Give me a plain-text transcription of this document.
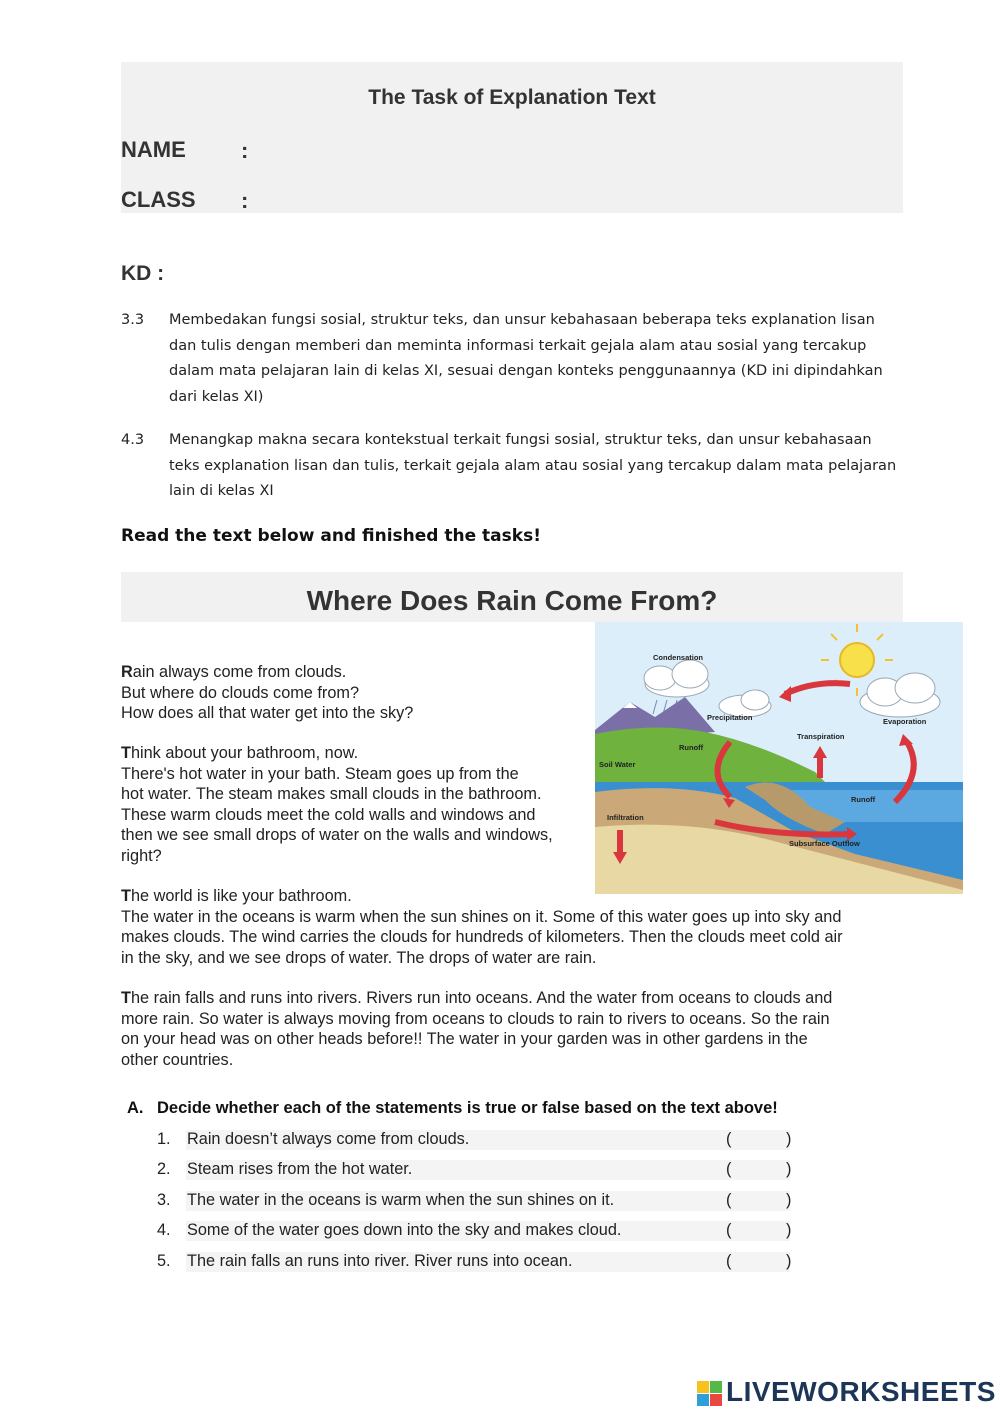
The Task of Explanation Text
NAME	:
CLASS :
KD :
3.3 Membedakan fungsi sosial, struktur teks, dan unsur kebahasaan beberapa teks explanation lisan dan tulis dengan memberi dan meminta informasi terkait gejala alam atau sosial yang tercakup dalam mata pelajaran lain di kelas XI, sesuai dengan konteks penggunaannya (KD ini dipindahkan dari kelas XI)
4.3 Menangkap makna secara kontekstual terkait fungsi sosial, struktur teks, dan unsur kebahasaan teks explanation lisan dan tulis, terkait gejala alam atau sosial yang tercakup dalam mata pelajaran lain di kelas XI
Read the text below and finished the tasks!
Where Does Rain Come From?
Rain always come from clouds.
But where do clouds come from?
How does all that water get into the sky?
Think about your bathroom, now.
There's hot water in your bath. Steam goes up from the
hot water. The steam makes small clouds in the bathroom.
These warm clouds meet the cold walls and windows and
then we see small drops of water on the walls and windows,
right?
The world is like your bathroom.
The water in the oceans is warm when the sun shines on it. Some of this water goes up into sky and
makes clouds. The wind carries the clouds for hundreds of kilometers. Then the clouds meet cold air
in the sky, and we see drops of water. The drops of water are rain.
The rain falls and runs into rivers. Rivers run into oceans. And the water from oceans to clouds and
more rain. So water is always moving from oceans to clouds to rain to rivers to oceans. So the rain
on your head was on other heads before!! The water in your garden was in other gardens in the
other countries.
Condensation
Precipitation	Evaporation
Transpiration
Runoff
Runoff
Soil Water
Infiltration
Subsurface Outflow
A. Decide whether each of the statements is true or false based on the text above!
1. Rain doesn’t always come from clouds.	(	)
2. Steam rises from the hot water.	(	)
3. The water in the oceans is warm when the sun shines on it.	(	)
4. Some of the water goes down into the sky and makes cloud.	(	)
5. The rain falls an runs into river. River runs into ocean.	(	)
LIVEWORKSHEETS
